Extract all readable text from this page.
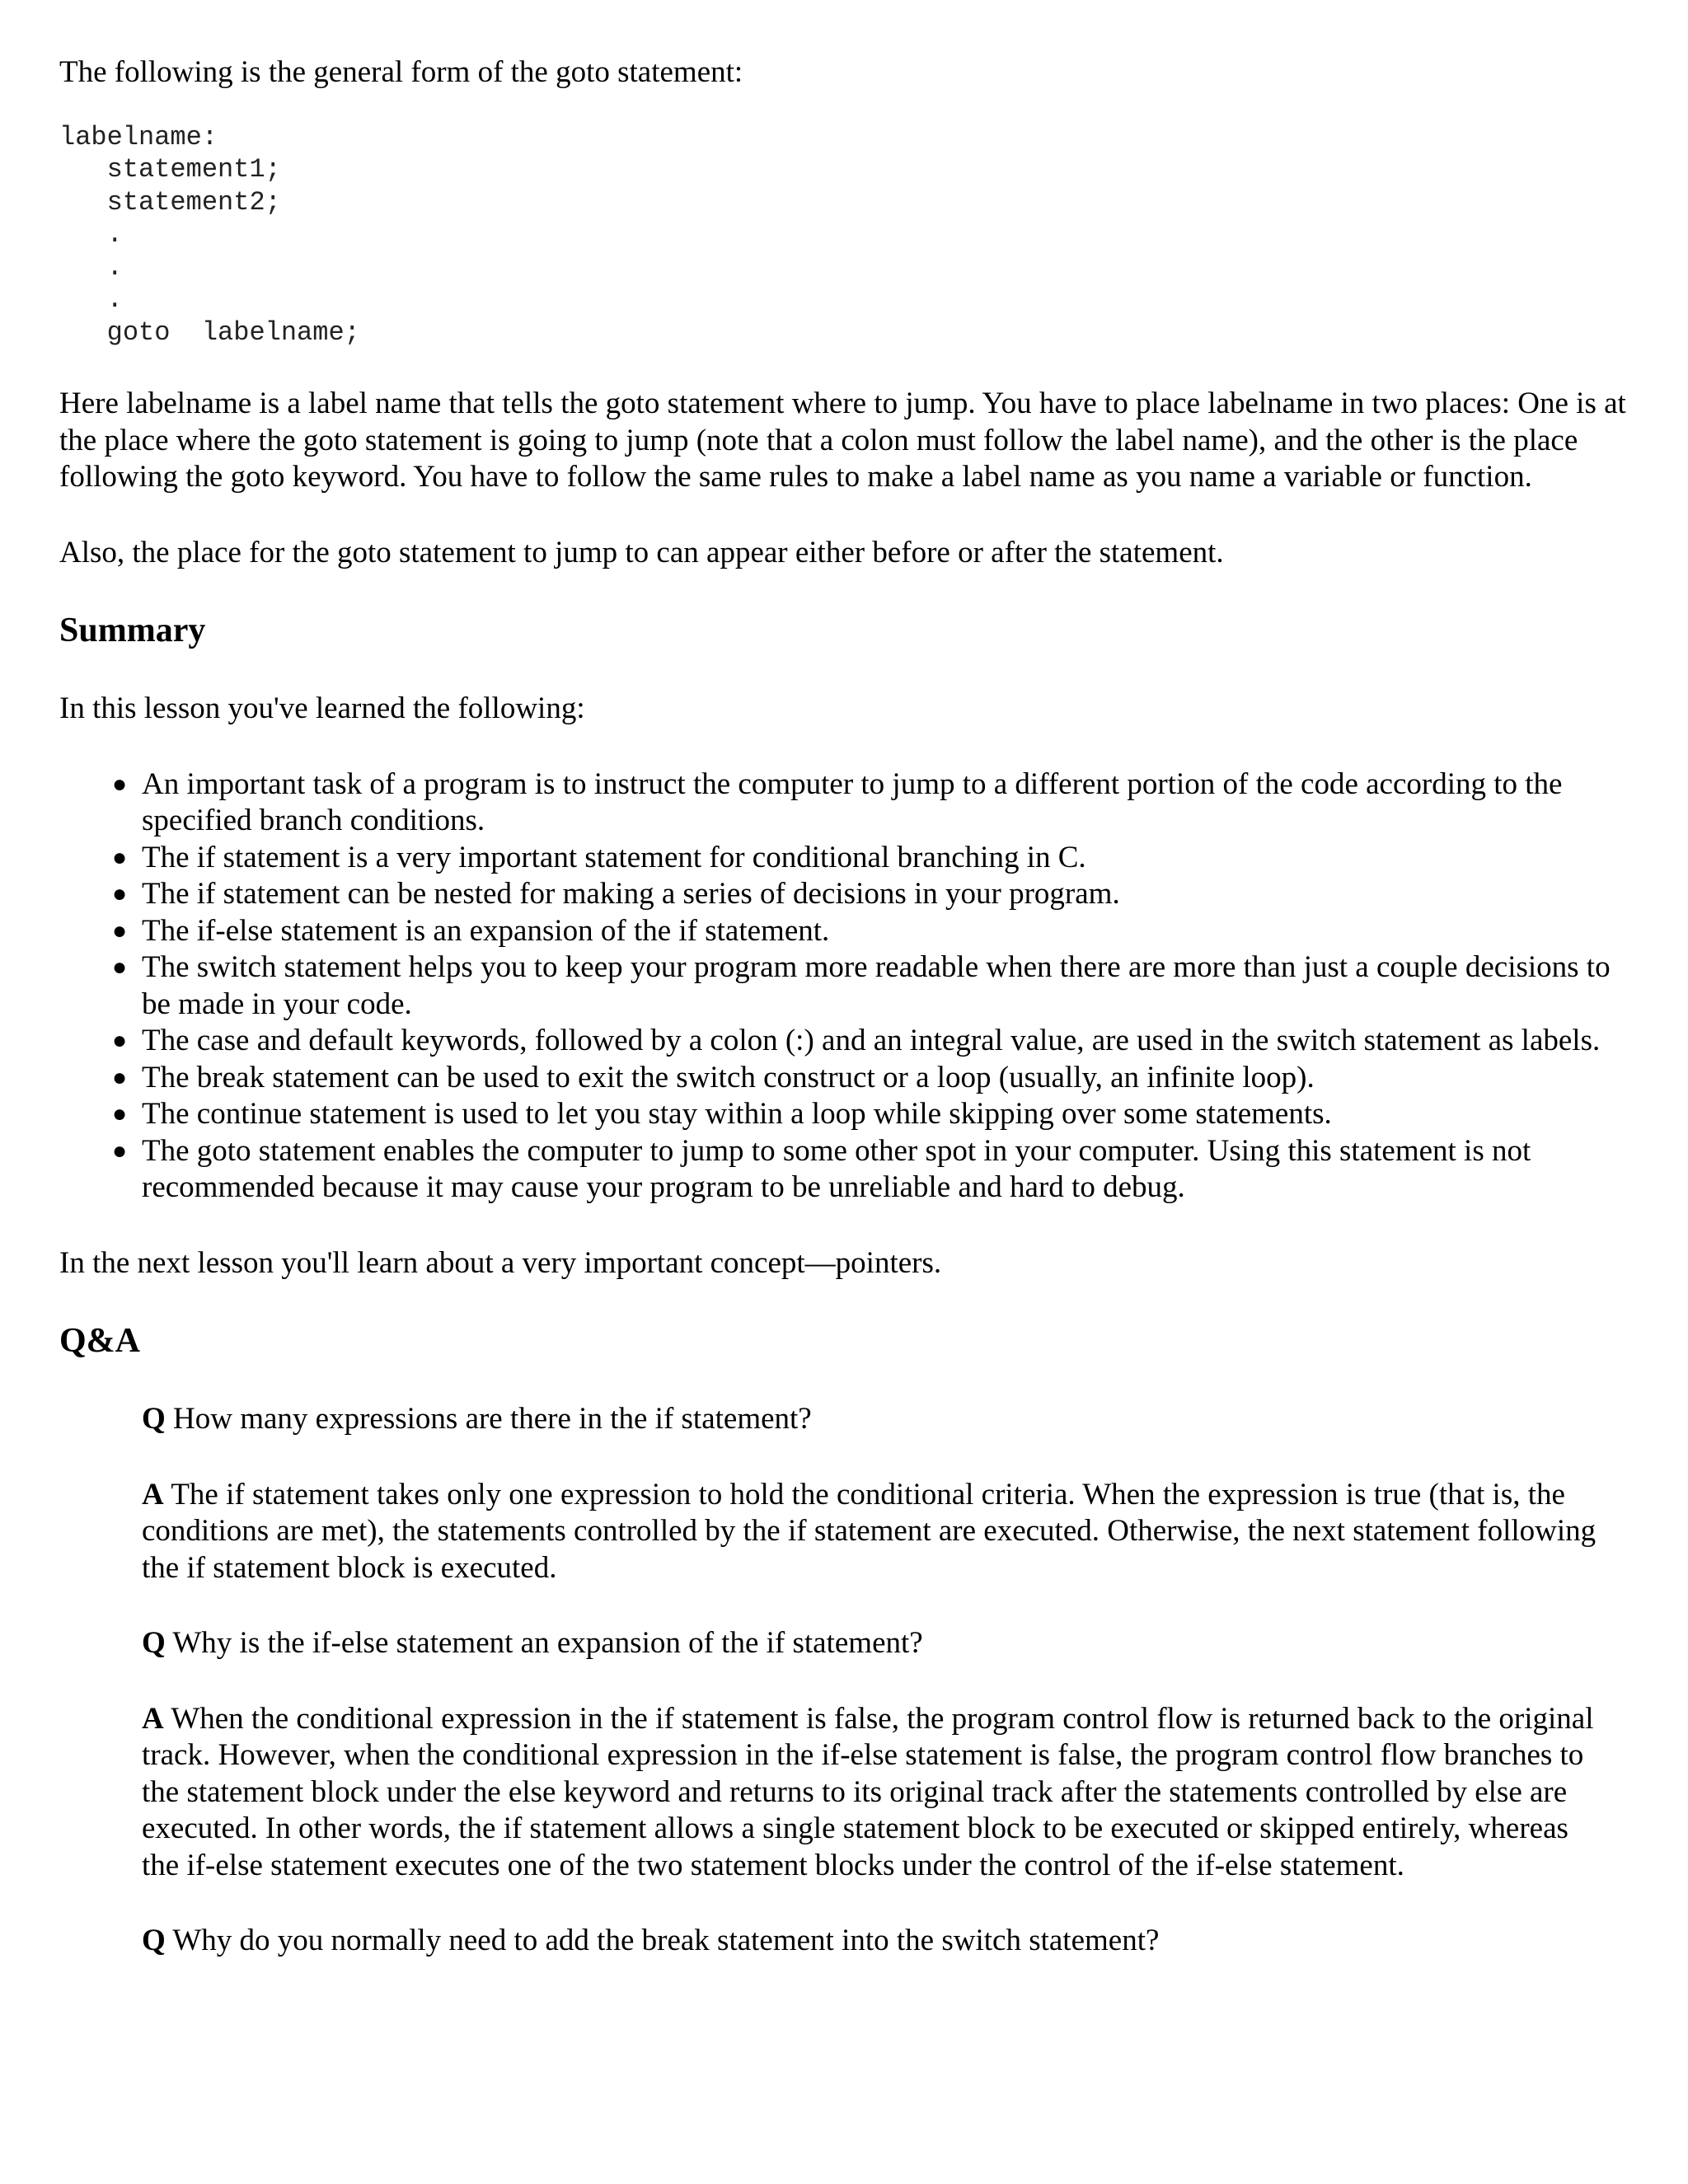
The following is the general form of the goto statement:

labelname:
statement1;
statement2;
.
.
.
goto  labelname;

Here labelname is a label name that tells the goto statement where to jump. You have to place labelname in two places: One is at the place where the goto statement is going to jump (note that a colon must follow the label name), and the other is the place following the goto keyword. You have to follow the same rules to make a label name as you name a variable or function.

Also, the place for the goto statement to jump to can appear either before or after the statement.

Summary

In this lesson you've learned the following:

● An important task of a program is to instruct the computer to jump to a different portion of the code according to the specified branch conditions.
● The if statement is a very important statement for conditional branching in C.
● The if statement can be nested for making a series of decisions in your program.
● The if-else statement is an expansion of the if statement.
● The switch statement helps you to keep your program more readable when there are more than just a couple decisions to be made in your code.
● The case and default keywords, followed by a colon (:) and an integral value, are used in the switch statement as labels.
● The break statement can be used to exit the switch construct or a loop (usually, an infinite loop).
● The continue statement is used to let you stay within a loop while skipping over some statements.
● The goto statement enables the computer to jump to some other spot in your computer. Using this statement is not recommended because it may cause your program to be unreliable and hard to debug.

In the next lesson you'll learn about a very important concept—pointers.

Q&A

Q How many expressions are there in the if statement?

A The if statement takes only one expression to hold the conditional criteria. When the expression is true (that is, the conditions are met), the statements controlled by the if statement are executed. Otherwise, the next statement following the if statement block is executed.

Q Why is the if-else statement an expansion of the if statement?

A When the conditional expression in the if statement is false, the program control flow is returned back to the original track. However, when the conditional expression in the if-else statement is false, the program control flow branches to the statement block under the else keyword and returns to its original track after the statements controlled by else are executed. In other words, the if statement allows a single statement block to be executed or skipped entirely, whereas the if-else statement executes one of the two statement blocks under the control of the if-else statement.

Q Why do you normally need to add the break statement into the switch statement?
